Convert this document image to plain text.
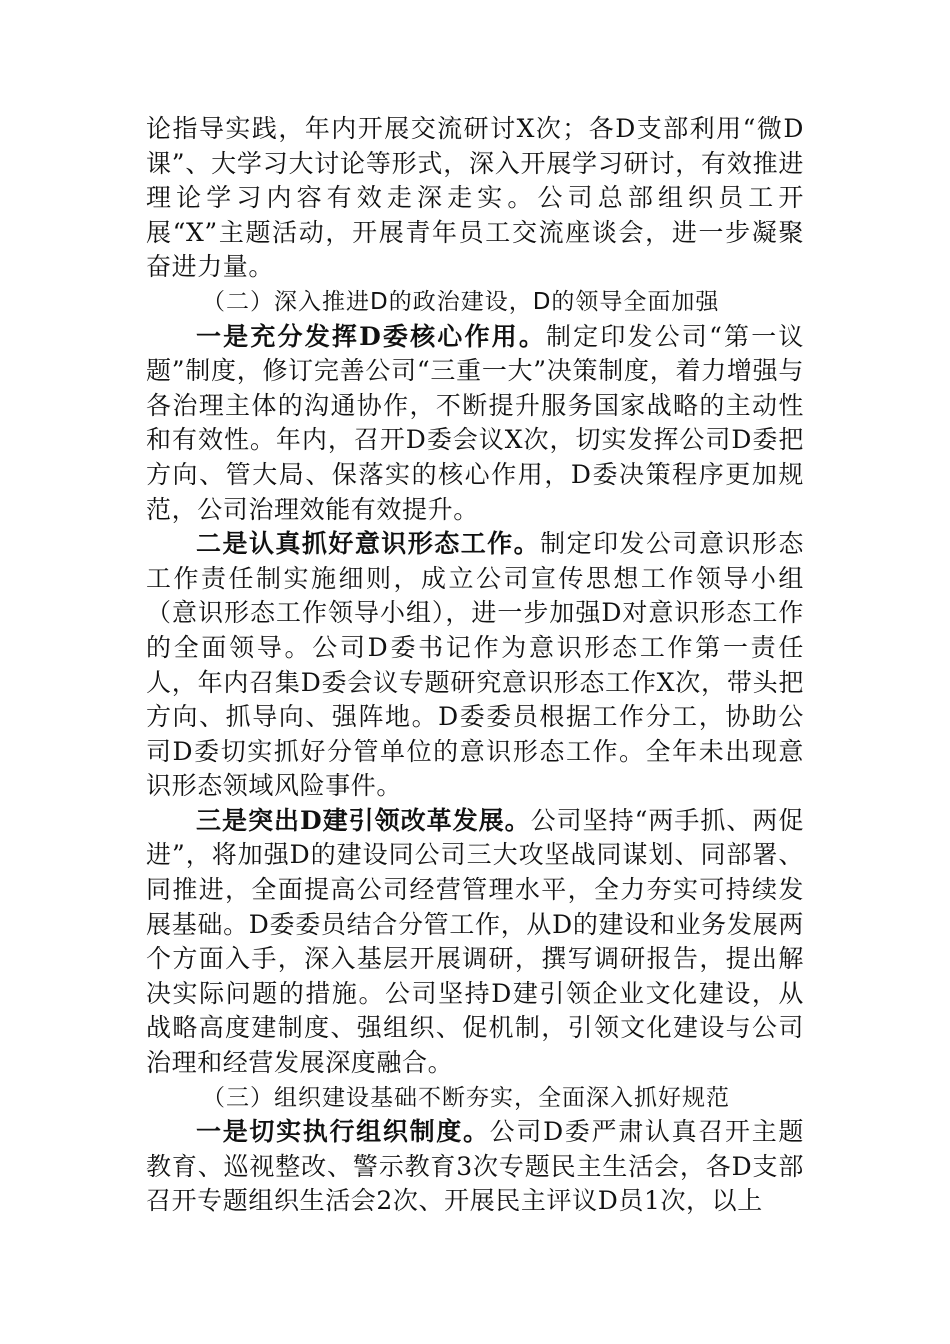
论指导实践，年内开展交流研讨X次；各D支部利用“微D课”、大学习大讨论等形式，深入开展学习研讨，有效推进理论学习内容有效走深走实。公司总部组织员工开展“X”主题活动，开展青年员工交流座谈会，进一步凝聚奋进力量。

（二）深入推进D的政治建设，D的领导全面加强

一是充分发挥D委核心作用。制定印发公司“第一议题”制度，修订完善公司“三重一大”决策制度，着力增强与各治理主体的沟通协作，不断提升服务国家战略的主动性和有效性。年内，召开D委会议X次，切实发挥公司D委把方向、管大局、保落实的核心作用，D委决策程序更加规范，公司治理效能有效提升。

二是认真抓好意识形态工作。制定印发公司意识形态工作责任制实施细则，成立公司宣传思想工作领导小组（意识形态工作领导小组），进一步加强D对意识形态工作的全面领导。公司D委书记作为意识形态工作第一责任人，年内召集D委会议专题研究意识形态工作X次，带头把方向、抓导向、强阵地。D委委员根据工作分工，协助公司D委切实抓好分管单位的意识形态工作。全年未出现意识形态领域风险事件。

三是突出D建引领改革发展。公司坚持“两手抓、两促进”，将加强D的建设同公司三大攻坚战同谋划、同部署、同推进，全面提高公司经营管理水平，全力夯实可持续发展基础。D委委员结合分管工作，从D的建设和业务发展两个方面入手，深入基层开展调研，撰写调研报告，提出解决实际问题的措施。公司坚持D建引领企业文化建设，从战略高度建制度、强组织、促机制，引领文化建设与公司治理和经营发展深度融合。

（三）组织建设基础不断夯实，全面深入抓好规范

一是切实执行组织制度。公司D委严肃认真召开主题教育、巡视整改、警示教育3次专题民主生活会，各D支部召开专题组织生活会2次、开展民主评议D员1次，以上
